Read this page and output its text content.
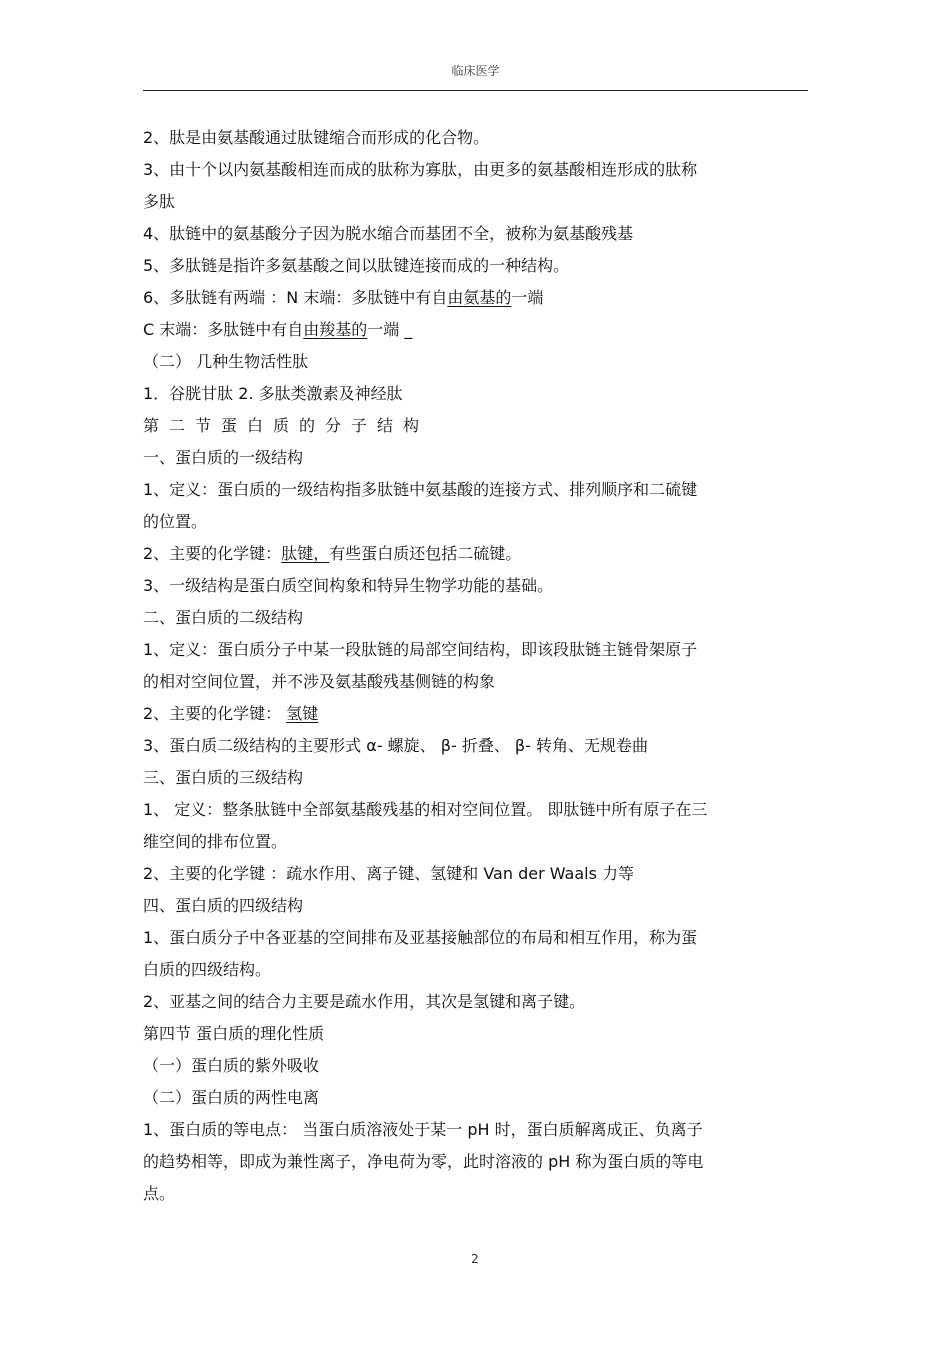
临床医学
2、肽是由氨基酸通过肽键缩合而形成的化合物。
3、由十个以内氨基酸相连而成的肽称为寡肽，由更多的氨基酸相连形成的肽称
多肽
4、肽链中的氨基酸分子因为脱水缩合而基团不全，被称为氨基酸残基
5、多肽链是指许多氨基酸之间以肽键连接而成的一种结构。
6、多肽链有两端 ：N 末端：多肽链中有自由氨基的一端
C 末端：多肽链中有自由羧基的一端 _
（二） 几种生物活性肽
1．谷胱甘肽 2. 多肽类激素及神经肽
第二节蛋白质的分子结构
一、蛋白质的一级结构
1、定义：蛋白质的一级结构指多肽链中氨基酸的连接方式、排列顺序和二硫键
的位置。
2、主要的化学键：肽键，有些蛋白质还包括二硫键。
3、一级结构是蛋白质空间构象和特异生物学功能的基础。
二、蛋白质的二级结构
1、定义：蛋白质分子中某一段肽链的局部空间结构，即该段肽链主链骨架原子
的相对空间位置，并不涉及氨基酸残基侧链的构象
2、主要的化学键： 氢键
3、蛋白质二级结构的主要形式 α- 螺旋、 β- 折叠、 β- 转角、无规卷曲
三、蛋白质的三级结构
1、 定义：整条肽链中全部氨基酸残基的相对空间位置。 即肽链中所有原子在三
维空间的排布位置。
2、主要的化学键 ：疏水作用、离子键、氢键和 Van der Waals 力等
四、蛋白质的四级结构
1、蛋白质分子中各亚基的空间排布及亚基接触部位的布局和相互作用，称为蛋
白质的四级结构。
2、亚基之间的结合力主要是疏水作用，其次是氢键和离子键。
第四节 蛋白质的理化性质
（一）蛋白质的紫外吸收
（二）蛋白质的两性电离
1、蛋白质的等电点： 当蛋白质溶液处于某一 pH 时，蛋白质解离成正、负离子
的趋势相等，即成为兼性离子，净电荷为零，此时溶液的 pH 称为蛋白质的等电
点。
2
